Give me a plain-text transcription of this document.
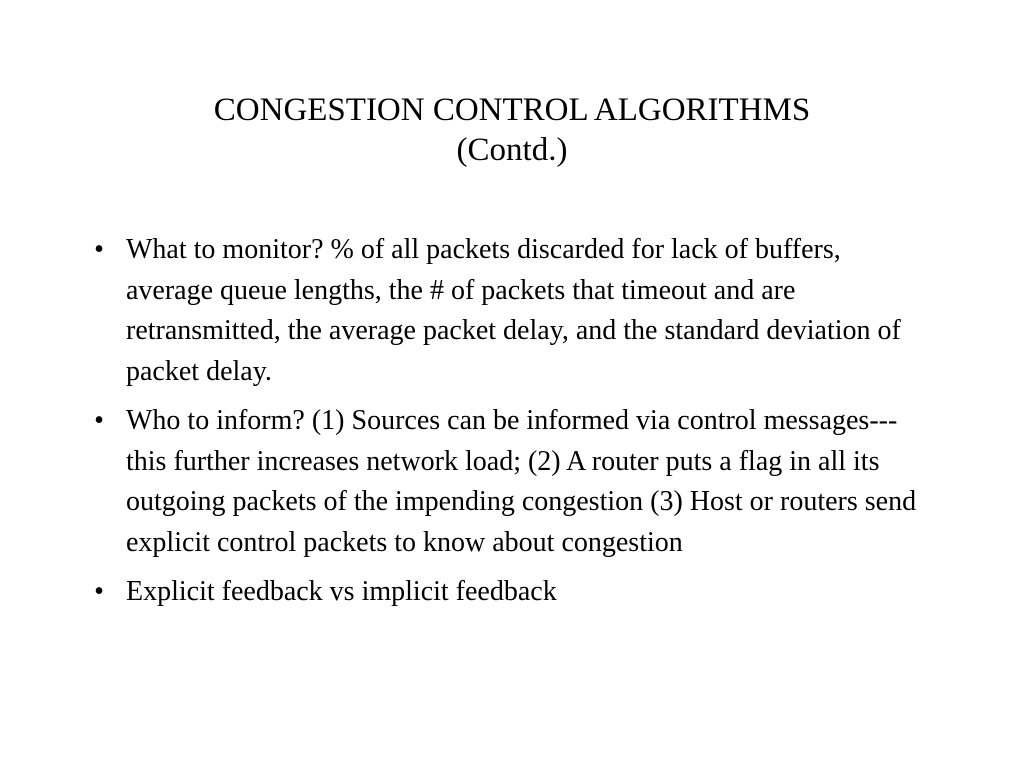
CONGESTION CONTROL ALGORITHMS
(Contd.)
• What to monitor? % of all packets discarded for lack of buffers, average queue lengths, the # of packets that timeout and are retransmitted, the average packet delay, and the standard deviation of packet delay.
• Who to inform? (1) Sources can be informed via control messages---this further increases network load; (2) A router puts a flag in all its outgoing packets of the impending congestion (3) Host or routers send explicit control packets to know about congestion
• Explicit feedback vs implicit feedback
